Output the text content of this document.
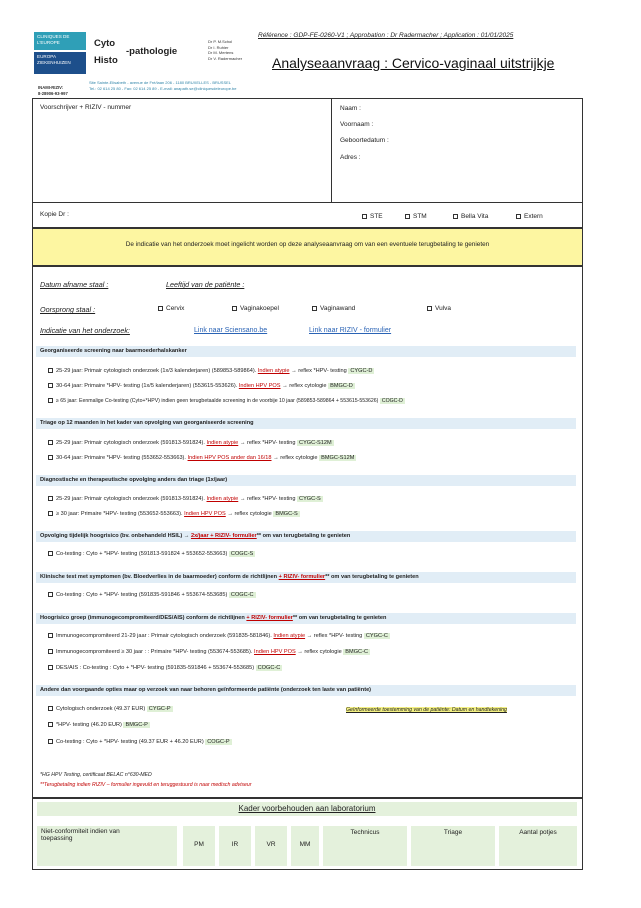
CLINIQUES DE L'EUROPE
EUROPA ZIEKENHUIZEN
INAMI-RIZIV:
8-28906-93-997
Cyto
Histo
-pathologie
Dr P. M.Schol
Dr I. Ruhier
Dr M. Mertens
Dr V. Radermacher
Site Sainte-Elisabeth - avenue de Fré/laan 206 - 1180 BRUXELLES - BRUSSEL
Tel.: 02 614 25 80 - Fax: 02 614 25 89 - E-mail: anapath.se@cliniquesdeleurope.be
Référence : GDP-FE-0260-V1 ; Approbation : Dr Radermacher ; Application : 01/01/2025
Analyseaanvraag : Cervico-vaginaal uitstrijkje
Voorschrijver + RIZIV - nummer	Naam :
Voornaam :
Geboortedatum :
Adres :
Kopie Dr :	STE	STM	Bella Vita	Extern
De indicatie van het onderzoek moet ingelicht worden op deze analyseaanvraag om van een eventuele terugbetaling te genieten
Datum afname staal :	Leeftijd van de patiënte :
Oorsprong staal :	Cervix	Vaginakoepel	Vaginawand	Vulva
Indicatie van het onderzoek:	Link naar Sciensano.be	Link naar RIZIV - formulier
Georganiseerde screening naar baarmoederhalskanker
25-29 jaar: Primair cytologisch onderzoek (1x/3 kalenderjaren) (589853-589864). Indien atypie → reflex *HPV- testing CYGC-D
30-64 jaar: Primaire *HPV- testing (1x/5 kalenderjaren) (553615-553626). Indien HPV POS → reflex cytologie BMGC-D
≥ 65 jaar: Eenmalige Co-testing (Cyto+*HPV) indien geen terugbetaalde screening in de voorbije 10 jaar (589853-589864 + 553615-553626) COGC-D
Triage op 12 maanden in het kader van opvolging van georganiseerde screening
25-29 jaar: Primair cytologisch onderzoek (591813-591824). Indien atypie → reflex *HPV- testing CYGC-S12M
30-64 jaar: Primaire *HPV- testing (553652-553663). Indien HPV POS ander dan 16/18 → reflex cytologie BMGC-S12M
Diagnostische en therapeutische opvolging anders dan triage (1x/jaar)
25-29 jaar: Primair cytologisch onderzoek (591813-591824). Indien atypie → reflex *HPV- testing CYGC-S
≥ 30 jaar: Primaire *HPV- testing (553652-553663). Indien HPV POS → reflex cytologie BMGC-S
Opvolging tijdelijk hoogrisico (bv. onbehandeld HSIL) → 2x/jaar + RIZIV- formulier** om van terugbetaling te genieten
Co-testing : Cyto + *HPV- testing (591813-591824 + 553652-553663) COGC-S
Klinische test met symptomen (bv. Bloedverlies in de baarmoeder) conform de richtlijnen + RIZIV- formulier** om van terugbetaling te genieten
Co-testing : Cyto + *HPV- testing (591835-591846 + 553674-553685) COGC-C
Hoogrisico groep (immunogecompromiteerd/DES/AIS) conform de richtlijnen + RIZIV- formulier** om van terugbetaling te genieten
Immunogecompromiteerd 21-29 jaar : Primair cytologisch onderzoek (591835-581846). Indien atypie → reflex *HPV- testing CYGC-C
Immunogecompromiteerd ≥ 30 jaar : : Primaire *HPV- testing (553674-553685). Indien HPV POS → reflex cytologie BMGC-C
DES/AIS : Co-testing : Cyto + *HPV- testing (591835-591846 + 553674-553685) COGC-C
Andere dan voorgaande opties maar op verzoek van naar behoren geïnformeerde patiënte (onderzoek ten laste van patiënte)
Cytologisch onderzoek (49.37 EUR) CYGC-P
*HPV- testing (46.20 EUR) BMGC-P
Co-testing : Cyto + *HPV- testing (49.37 EUR + 46.20 EUR) COGC-P
Geïnformeerde toestemming van de patiënte: Datum en handtekening
*HG HPV Testing, certificaat BELAC n°630-MED
**Terugbetaling indien RIZIV – formulier ingevuld en teruggestuurd is naar medisch adviseur
Kader voorbehouden aan laboratorium
Niet-conformiteit indien van toepassing
PM	IR	VR	MM
Technicus	Triage	Aantal potjes
